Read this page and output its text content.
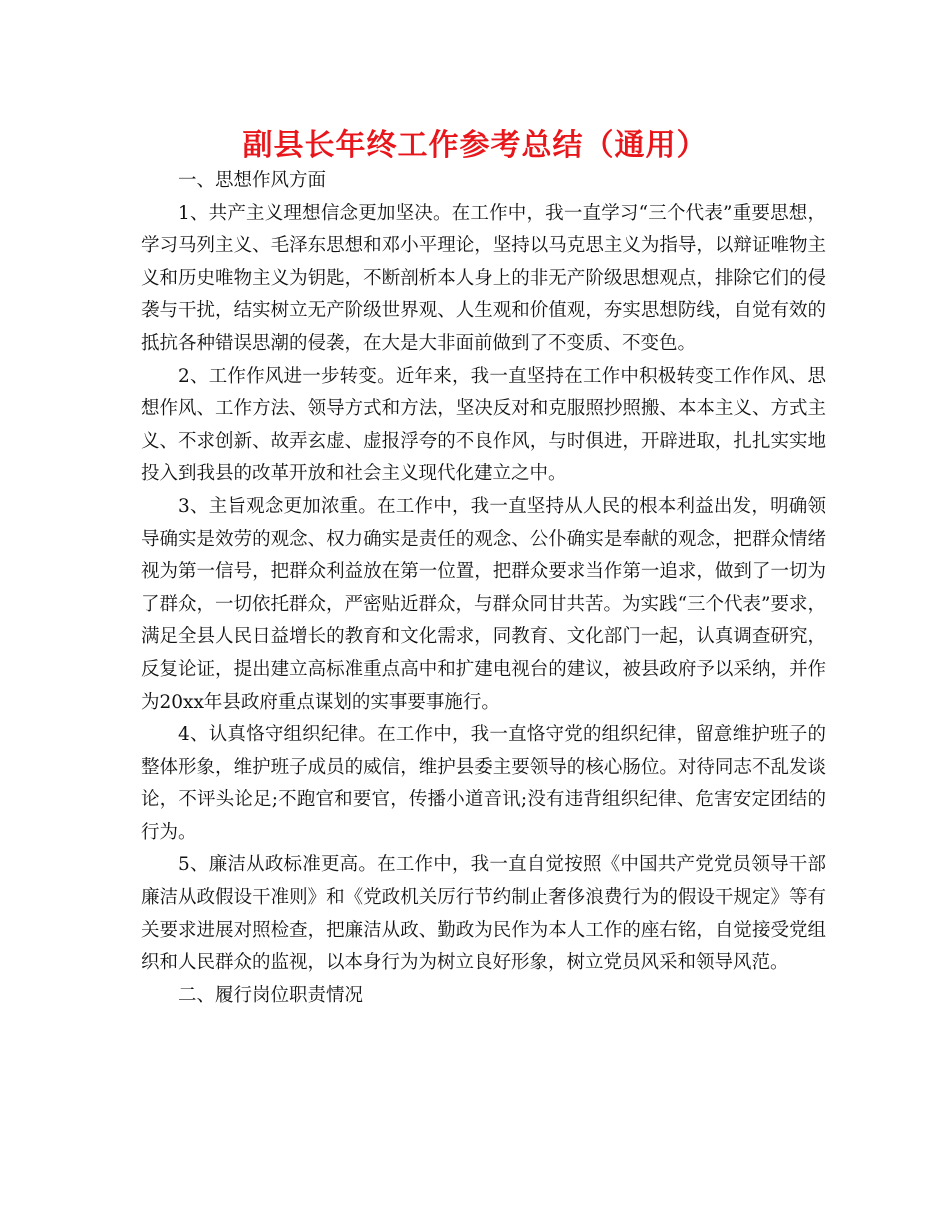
副县长年终工作参考总结（通用）

一、思想作风方面

1、共产主义理想信念更加坚决。在工作中，我一直学习“三个代表”重要思想，学习马列主义、毛泽东思想和邓小平理论，坚持以马克思主义为指导，以辩证唯物主义和历史唯物主义为钥匙，不断剖析本人身上的非无产阶级思想观点，排除它们的侵袭与干扰，结实树立无产阶级世界观、人生观和价值观，夯实思想防线，自觉有效的抵抗各种错误思潮的侵袭，在大是大非面前做到了不变质、不变色。

2、工作作风进一步转变。近年来，我一直坚持在工作中积极转变工作作风、思想作风、工作方法、领导方式和方法，坚决反对和克服照抄照搬、本本主义、方式主义、不求创新、故弄玄虚、虚报浮夸的不良作风，与时俱进，开辟进取，扎扎实实地投入到我县的改革开放和社会主义现代化建立之中。

3、主旨观念更加浓重。在工作中，我一直坚持从人民的根本利益出发，明确领导确实是效劳的观念、权力确实是责任的观念、公仆确实是奉献的观念，把群众情绪视为第一信号，把群众利益放在第一位置，把群众要求当作第一追求，做到了一切为了群众，一切依托群众，严密贴近群众，与群众同甘共苦。为实践“三个代表”要求，满足全县人民日益增长的教育和文化需求，同教育、文化部门一起，认真调查研究，反复论证，提出建立高标准重点高中和扩建电视台的建议，被县政府予以采纳，并作为20xx年县政府重点谋划的实事要事施行。

4、认真恪守组织纪律。在工作中，我一直恪守党的组织纪律，留意维护班子的整体形象，维护班子成员的威信，维护县委主要领导的核心肠位。对待同志不乱发谈论，不评头论足;不跑官和要官，传播小道音讯;没有违背组织纪律、危害安定团结的行为。

5、廉洁从政标准更高。在工作中，我一直自觉按照《中国共产党党员领导干部廉洁从政假设干准则》和《党政机关厉行节约制止奢侈浪费行为的假设干规定》等有关要求进展对照检查，把廉洁从政、勤政为民作为本人工作的座右铭，自觉接受党组织和人民群众的监视，以本身行为为树立良好形象，树立党员风采和领导风范。

二、履行岗位职责情况
